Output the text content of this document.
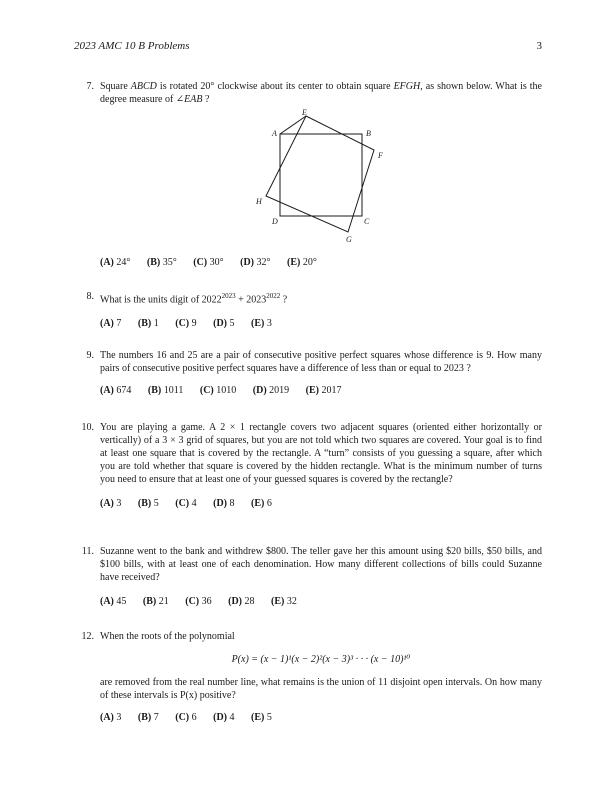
2023 AMC 10 B Problems	3
7. Square ABCD is rotated 20° clockwise about its center to obtain square EFGH, as shown below. What is the degree measure of ∠EAB ?
(A) 24° (B) 35° (C) 30° (D) 32° (E) 20°
A	B
C
D
E
F
G
H
8. What is the units digit of $2022^{2023} + 2023^{2022}$ ?
(A) 7 (B) 1 (C) 9 (D) 5 (E) 3
9. The numbers 16 and 25 are a pair of consecutive positive perfect squares whose difference is 9. How many pairs of consecutive positive perfect squares have a difference of less than or equal to 2023 ?
(A) 674 (B) 1011 (C) 1010 (D) 2019 (E) 2017
10. You are playing a game. A 2 × 1 rectangle covers two adjacent squares (oriented either horizontally or vertically) of a 3 × 3 grid of squares, but you are not told which two squares are covered. Your goal is to find at least one square that is covered by the rectangle. A “turn” consists of you guessing a square, after which you are told whether that square is covered by the hidden rectangle. What is the minimum number of turns you need to ensure that at least one of your guessed squares is covered by the rectangle?
(A) 3 (B) 5 (C) 4 (D) 8 (E) 6
11. Suzanne went to the bank and withdrew $800. The teller gave her this amount using $20 bills, $50 bills, and $100 bills, with at least one of each denomination. How many different collections of bills could Suzanne have received?
(A) 45 (B) 21 (C) 36 (D) 28 (E) 32
12. When the roots of the polynomial
P(x) = (x − 1)¹(x − 2)²(x − 3)³ · · · (x − 10)¹⁰
are removed from the real number line, what remains is the union of 11 disjoint open intervals. On how many of these intervals is P(x) positive?
(A) 3 (B) 7 (C) 6 (D) 4 (E) 5
